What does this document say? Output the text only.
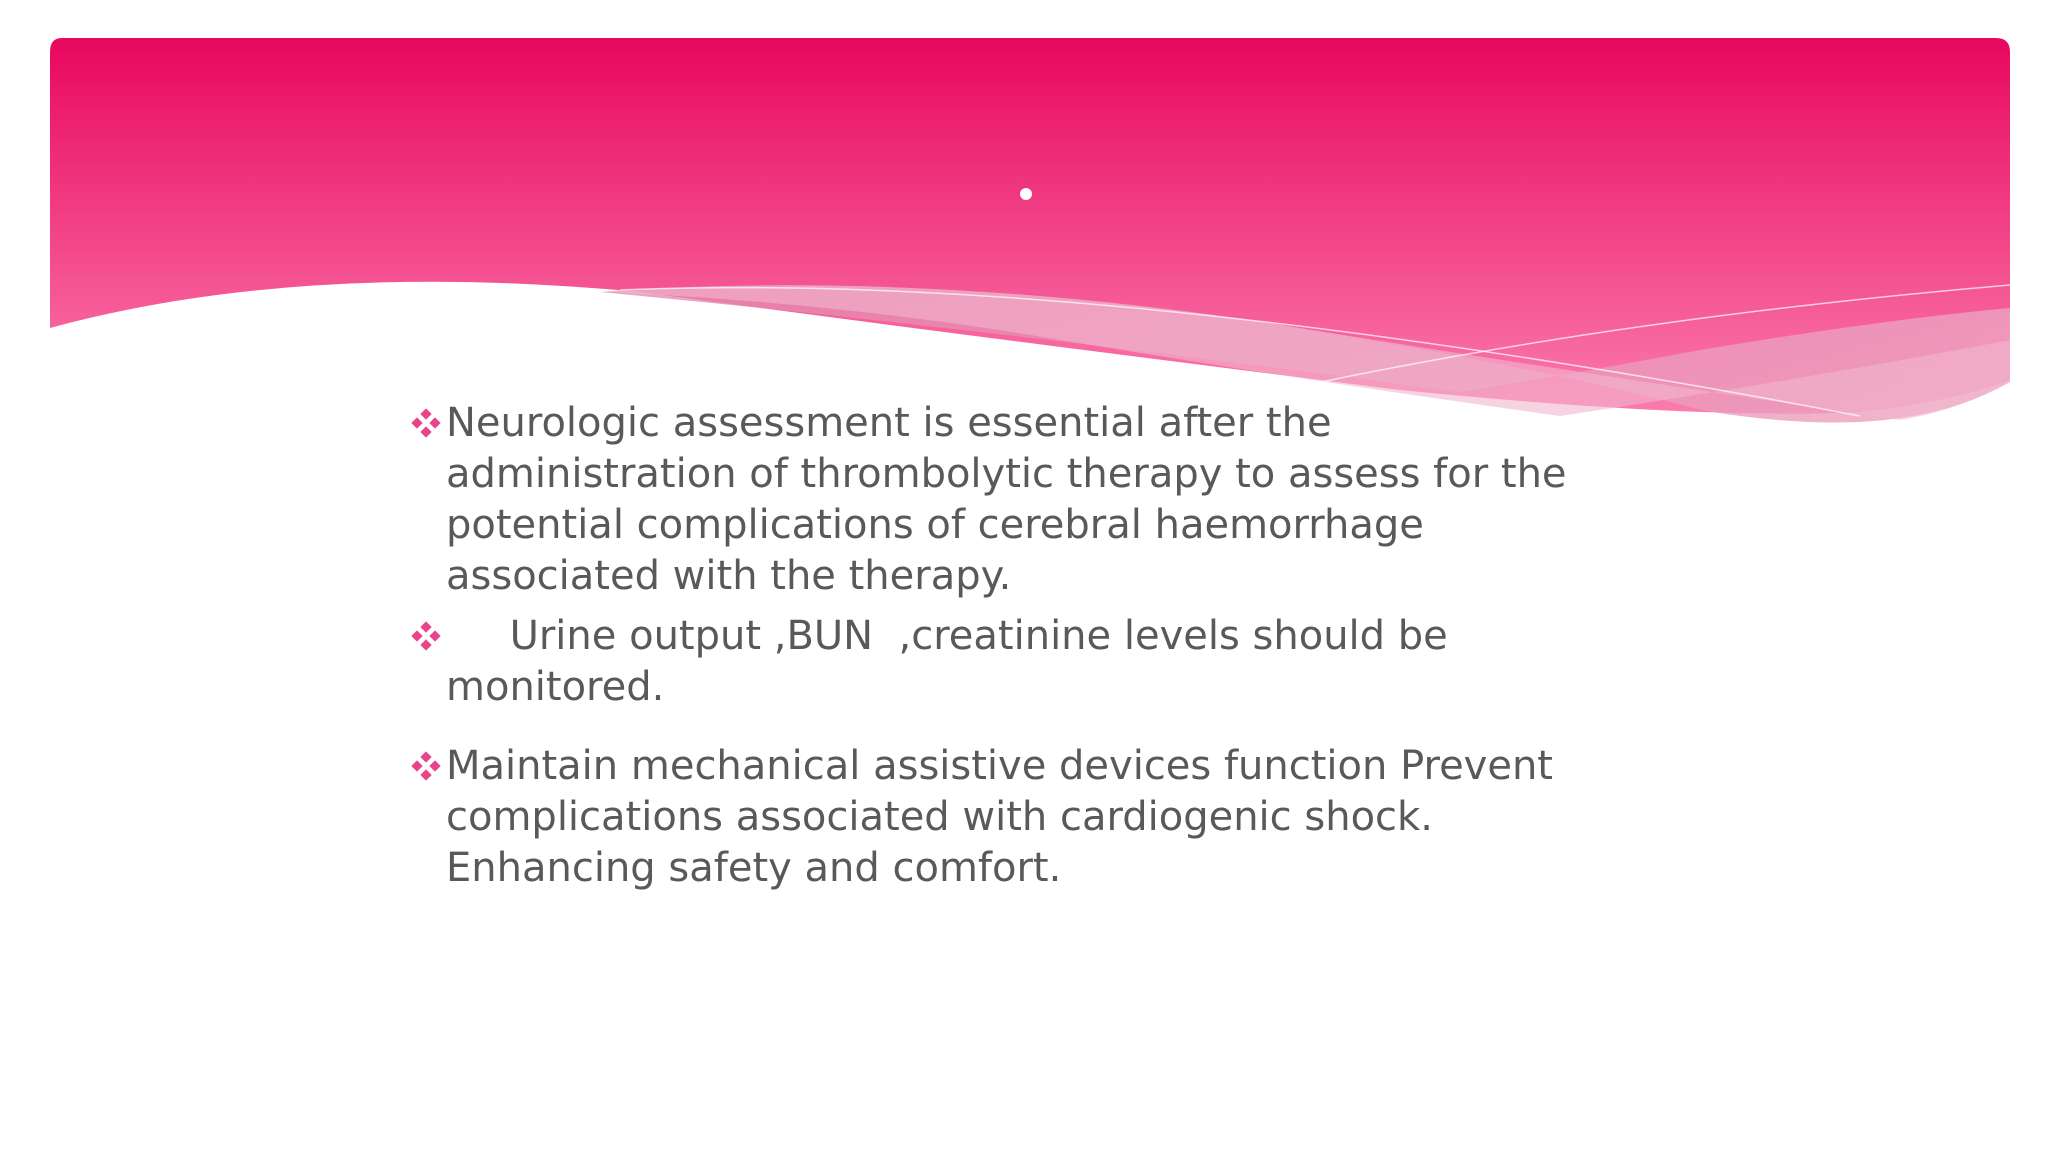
Neurologic assessment is essential after the administration of thrombolytic therapy to assess for the potential complications of cerebral haemorrhage associated with the therapy.
Urine output ,BUN  ,creatinine levels should be monitored.
Maintain mechanical assistive devices function Prevent complications associated with cardiogenic shock. Enhancing safety and comfort.
